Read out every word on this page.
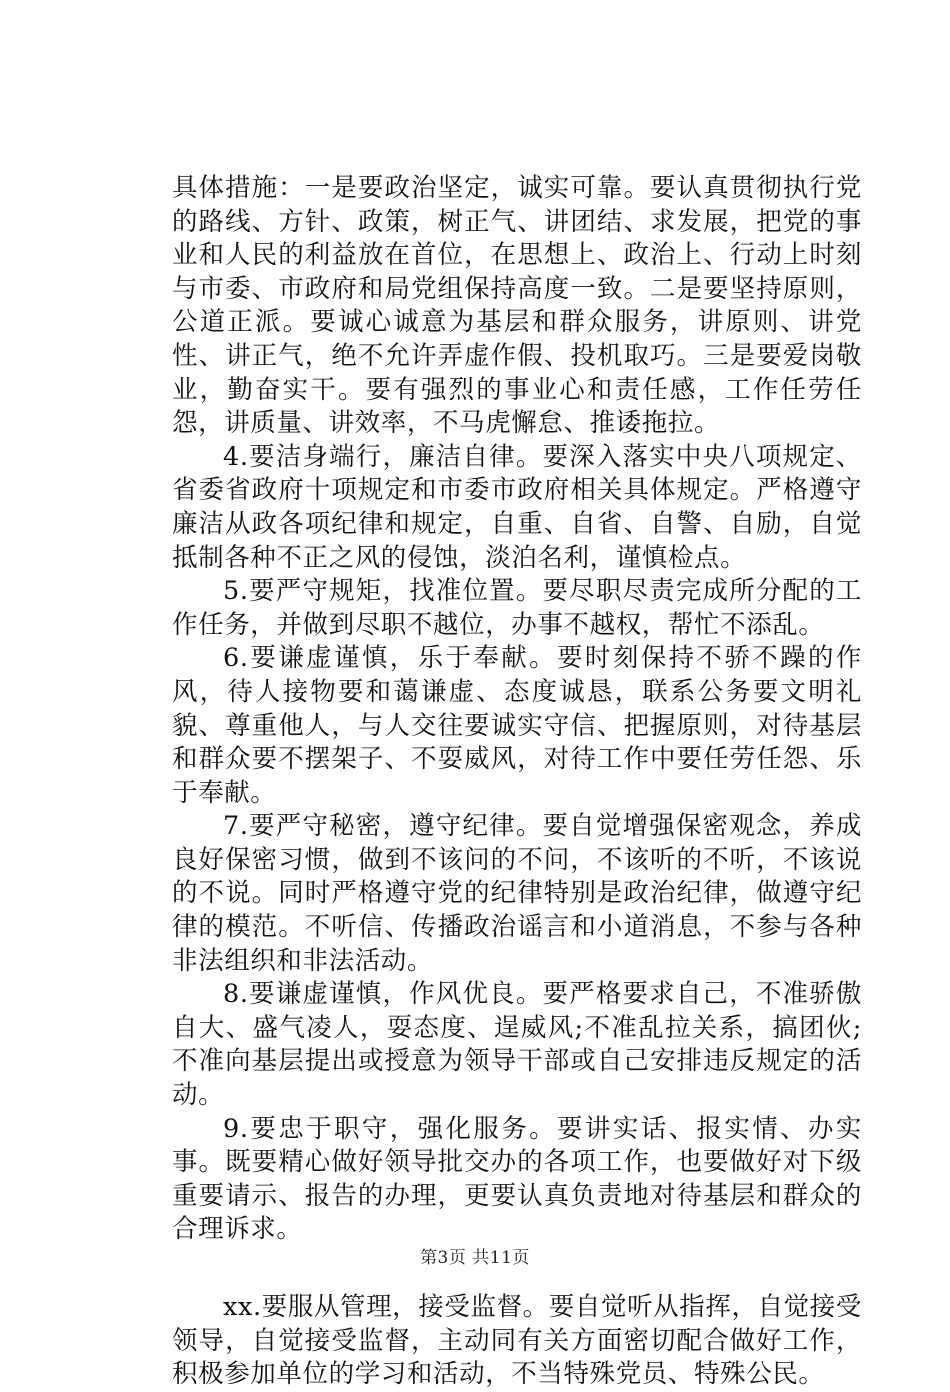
具体措施：一是要政治坚定，诚实可靠。要认真贯彻执行党的路线、方针、政策，树正气、讲团结、求发展，把党的事业和人民的利益放在首位，在思想上、政治上、行动上时刻与市委、市政府和局党组保持高度一致。二是要坚持原则，公道正派。要诚心诚意为基层和群众服务，讲原则、讲党性、讲正气，绝不允许弄虚作假、投机取巧。三是要爱岗敬业，勤奋实干。要有强烈的事业心和责任感，工作任劳任怨，讲质量、讲效率，不马虎懈怠、推诿拖拉。

4.要洁身端行，廉洁自律。要深入落实中央八项规定、省委省政府十项规定和市委市政府相关具体规定。严格遵守廉洁从政各项纪律和规定，自重、自省、自警、自励，自觉抵制各种不正之风的侵蚀，淡泊名利，谨慎检点。

5.要严守规矩，找准位置。要尽职尽责完成所分配的工作任务，并做到尽职不越位，办事不越权，帮忙不添乱。

6.要谦虚谨慎，乐于奉献。要时刻保持不骄不躁的作风，待人接物要和蔼谦虚、态度诚恳，联系公务要文明礼貌、尊重他人，与人交往要诚实守信、把握原则，对待基层和群众要不摆架子、不耍威风，对待工作中要任劳任怨、乐于奉献。

7.要严守秘密，遵守纪律。要自觉增强保密观念，养成良好保密习惯，做到不该问的不问，不该听的不听，不该说的不说。同时严格遵守党的纪律特别是政治纪律，做遵守纪律的模范。不听信、传播政治谣言和小道消息，不参与各种非法组织和非法活动。

8.要谦虚谨慎，作风优良。要严格要求自己，不准骄傲自大、盛气凌人，耍态度、逞威风;不准乱拉关系，搞团伙;不准向基层提出或授意为领导干部或自己安排违反规定的活动。

9.要忠于职守，强化服务。要讲实话、报实情、办实事。既要精心做好领导批交办的各项工作，也要做好对下级重要请示、报告的办理，更要认真负责地对待基层和群众的合理诉求。

xx.要服从管理，接受监督。要自觉听从指挥，自觉接受领导，自觉接受监督，主动同有关方面密切配合做好工作，积极参加单位的学习和活动，不当特殊党员、特殊公民。

第3页 共11页
